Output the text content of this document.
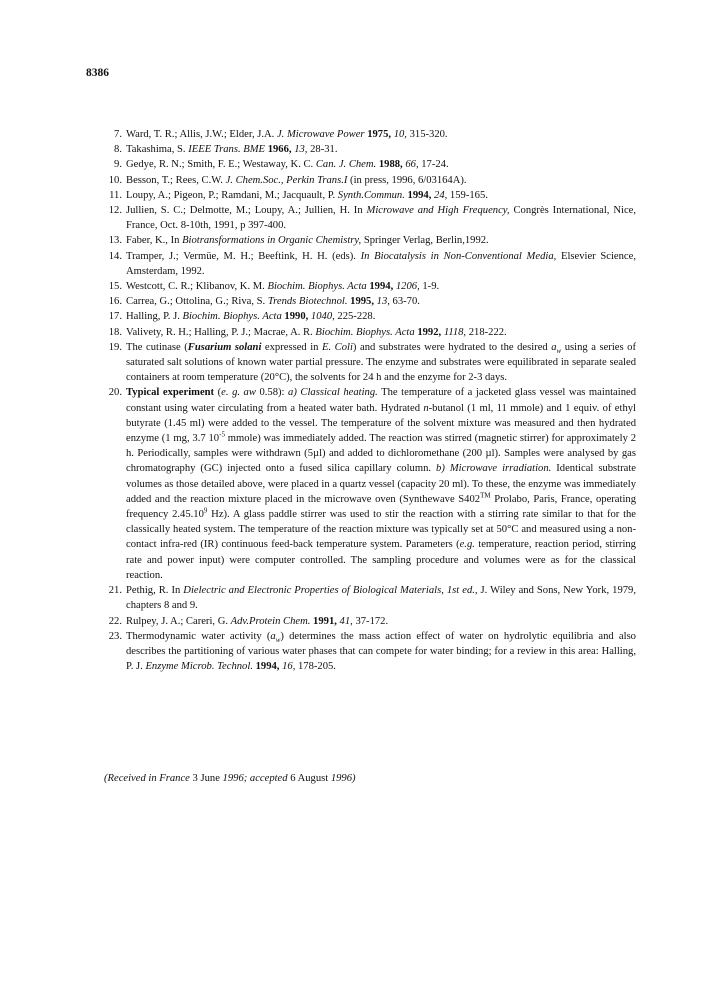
8386
7. Ward, T. R.; Allis, J.W.; Elder, J.A. J. Microwave Power 1975, 10, 315-320.
8. Takashima, S. IEEE Trans. BME 1966, 13, 28-31.
9. Gedye, R. N.; Smith, F. E.; Westaway, K. C. Can. J. Chem. 1988, 66, 17-24.
10. Besson, T.; Rees, C.W. J. Chem.Soc., Perkin Trans.I (in press, 1996, 6/03164A).
11. Loupy, A.; Pigeon, P.; Ramdani, M.; Jacquault, P. Synth.Commun. 1994, 24, 159-165.
12. Jullien, S. C.; Delmotte, M.; Loupy, A.; Jullien, H. In Microwave and High Frequency, Congrès International, Nice, France, Oct. 8-10th, 1991, p 397-400.
13. Faber, K., In Biotransformations in Organic Chemistry, Springer Verlag, Berlin,1992.
14. Tramper, J.; Vermüe, M. H.; Beeftink, H. H. (eds). In Biocatalysis in Non-Conventional Media, Elsevier Science, Amsterdam, 1992.
15. Westcott, C. R.; Klibanov, K. M. Biochim. Biophys. Acta 1994, 1206, 1-9.
16. Carrea, G.; Ottolina, G.; Riva, S. Trends Biotechnol. 1995, 13, 63-70.
17. Halling, P. J. Biochim. Biophys. Acta 1990, 1040, 225-228.
18. Valivety, R. H.; Halling, P. J.; Macrae, A. R. Biochim. Biophys. Acta 1992, 1118, 218-222.
19. The cutinase (Fusarium solani expressed in E. Coli) and substrates were hydrated to the desired $a_w$ using a series of saturated salt solutions of known water partial pressure. The enzyme and substrates were equilibrated in separate sealed containers at room temperature (20°C), the solvents for 24 h and the enzyme for 2-3 days.
20. Typical experiment (e. g. aw 0.58): a) Classical heating. The temperature of a jacketed glass vessel was maintained constant using water circulating from a heated water bath. Hydrated n-butanol (1 ml, 11 mmole) and 1 equiv. of ethyl butyrate (1.45 ml) were added to the vessel. The temperature of the solvent mixture was measured and then hydrated enzyme (1 mg, 3.7 $10^{-5}$ mmole) was immediately added. The reaction was stirred (magnetic stirrer) for approximately 2 h. Periodically, samples were withdrawn (5µl) and added to dichloromethane (200 µl). Samples were analysed by gas chromatography (GC) injected onto a fused silica capillary column. b) Microwave irradiation. Identical substrate volumes as those detailed above, were placed in a quartz vessel (capacity 20 ml). To these, the enzyme was immediately added and the reaction mixture placed in the microwave oven (Synthewave S402™ Prolabo, Paris, France, operating frequency 2.45.10$^9$ Hz). A glass paddle stirrer was used to stir the reaction with a stirring rate similar to that for the classically heated system. The temperature of the reaction mixture was typically set at 50°C and measured using a non-contact infra-red (IR) continuous feed-back temperature system. Parameters (e.g. temperature, reaction period, stirring rate and power input) were computer controlled. The sampling procedure and volumes were as for the classical reaction.
21. Pethig, R. In Dielectric and Electronic Properties of Biological Materials, 1st ed., J. Wiley and Sons, New York, 1979, chapters 8 and 9.
22. Rulpey, J. A.; Careri, G. Adv.Protein Chem. 1991, 41, 37-172.
23. Thermodynamic water activity $(a_w)$ determines the mass action effect of water on hydrolytic equilibria and also describes the partitioning of various water phases that can compete for water binding; for a review in this area: Halling, P. J. Enzyme Microb. Technol. 1994, 16, 178-205.
(Received in France 3 June 1996; accepted 6 August 1996)
